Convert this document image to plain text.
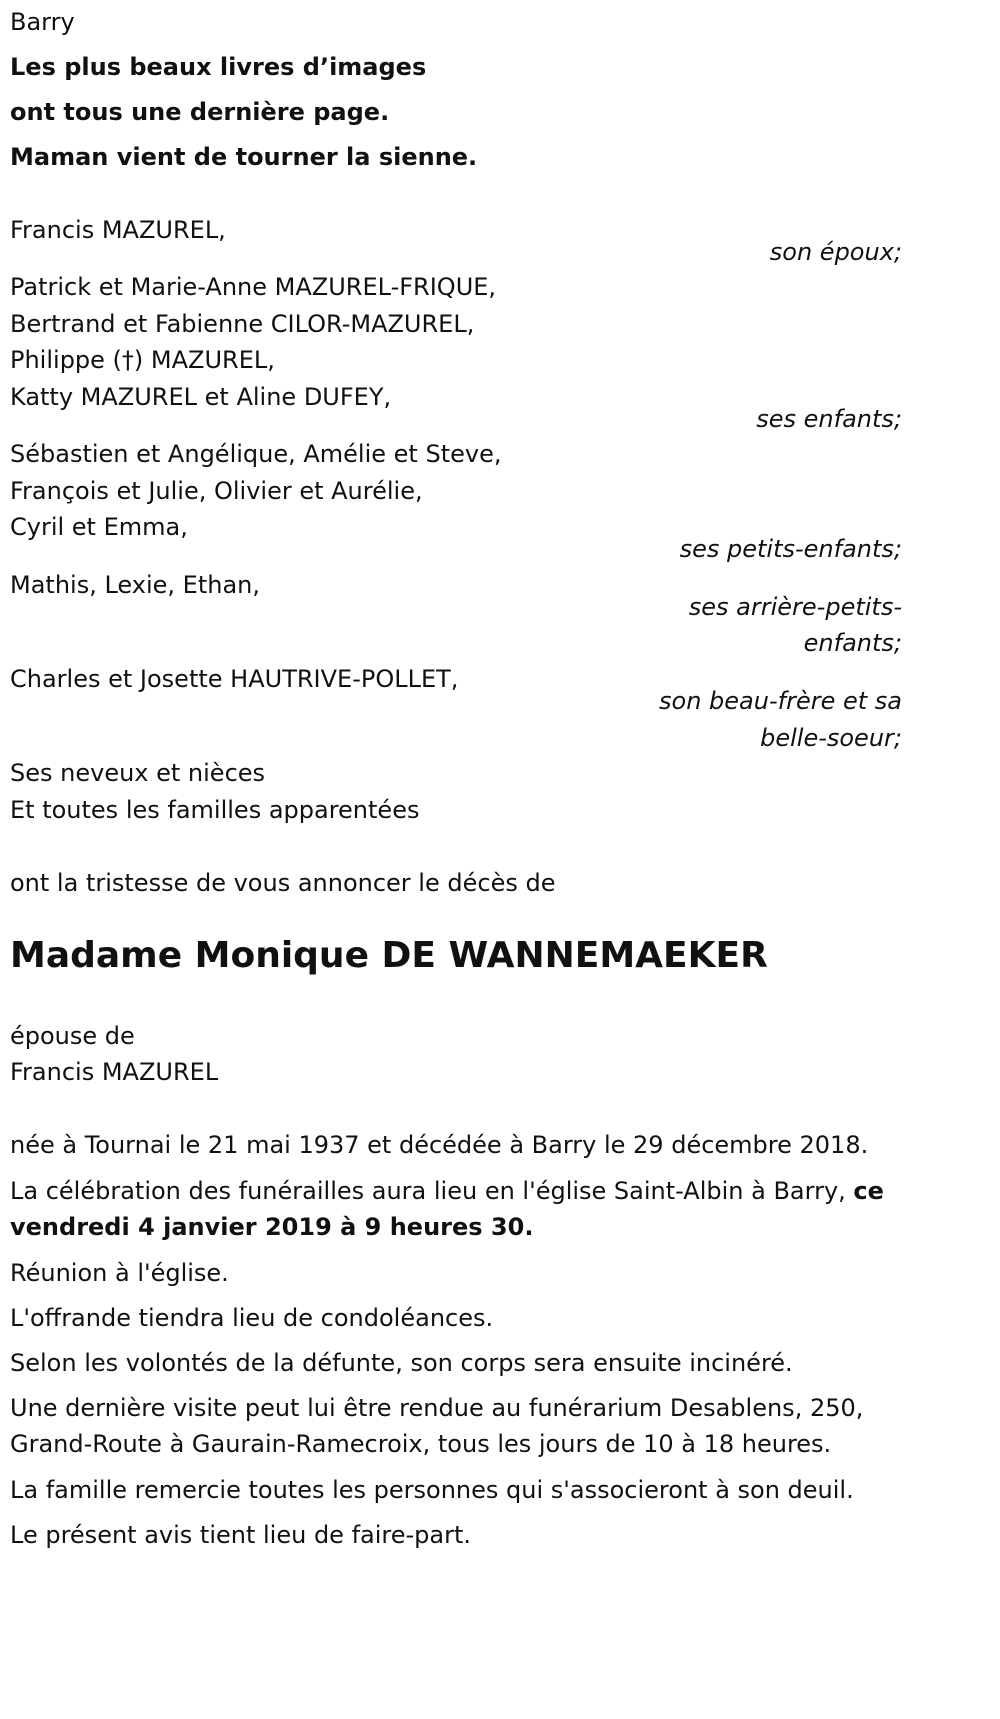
Barry
Les plus beaux livres d’images
ont tous une dernière page.
Maman vient de tourner la sienne.
Francis MAZUREL,
son époux;
Patrick et Marie-Anne MAZUREL-FRIQUE,
Bertrand et Fabienne CILOR-MAZUREL,
Philippe (†) MAZUREL,
Katty MAZUREL et Aline DUFEY,
ses enfants;
Sébastien et Angélique, Amélie et Steve,
François et Julie, Olivier et Aurélie,
Cyril et Emma,
ses petits-enfants;
Mathis, Lexie, Ethan,
ses arrière-petits-
enfants;
Charles et Josette HAUTRIVE-POLLET,
son beau-frère et sa
belle-soeur;
Ses neveux et nièces
Et toutes les familles apparentées
ont la tristesse de vous annoncer le décès de
Madame Monique DE WANNEMAEKER
épouse de
Francis MAZUREL
née à Tournai le 21 mai 1937 et décédée à Barry le 29 décembre 2018.
La célébration des funérailles aura lieu en l'église Saint-Albin à Barry, ce
vendredi 4 janvier 2019 à 9 heures 30.
Réunion à l'église.
L'offrande tiendra lieu de condoléances.
Selon les volontés de la défunte, son corps sera ensuite incinéré.
Une dernière visite peut lui être rendue au funérarium Desablens, 250,
Grand-Route à Gaurain-Ramecroix, tous les jours de 10 à 18 heures.
La famille remercie toutes les personnes qui s'associeront à son deuil.
Le présent avis tient lieu de faire-part.
